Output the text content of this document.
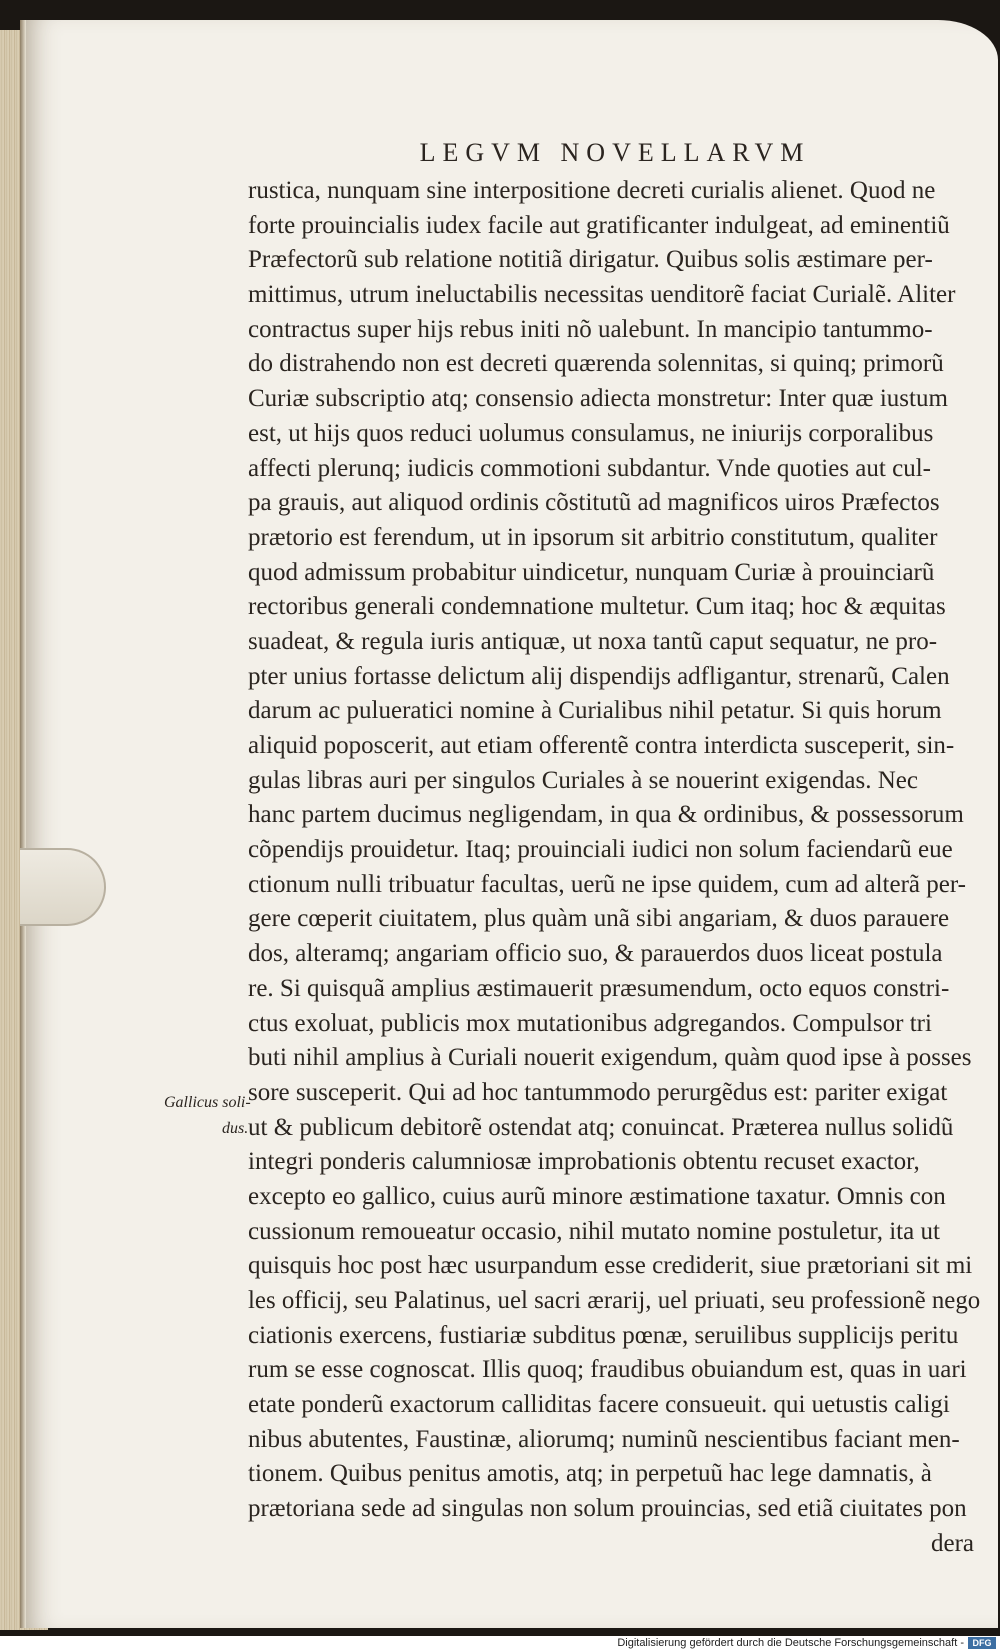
LEGVM NOVELLARVM
rustica, nunquam sine interpositione decreti curialis alienet. Quod ne
forte prouincialis iudex facile aut gratificanter indulgeat, ad eminentiũ
Præfectorũ sub relatione notitiã dirigatur. Quibus solis æstimare per-
mittimus, utrum ineluctabilis necessitas uenditorẽ faciat Curialẽ. Aliter
contractus super hijs rebus initi nõ ualebunt. In mancipio tantummo-
do distrahendo non est decreti quærenda solennitas, si quinq; primorũ
Curiæ subscriptio atq; consensio adiecta monstretur: Inter quæ iustum
est, ut hijs quos reduci uolumus consulamus, ne iniurijs corporalibus
affecti plerunq; iudicis commotioni subdantur. Vnde quoties aut cul-
pa grauis, aut aliquod ordinis cõstitutũ ad magnificos uiros Præfectos
prætorio est ferendum, ut in ipsorum sit arbitrio constitutum, qualiter
quod admissum probabitur uindicetur, nunquam Curiæ à prouinciarũ
rectoribus generali condemnatione multetur. Cum itaq; hoc & æquitas
suadeat, & regula iuris antiquæ, ut noxa tantũ caput sequatur, ne pro-
pter unius fortasse delictum alij dispendijs adfligantur, strenarũ, Calen
darum ac pulueratici nomine à Curialibus nihil petatur. Si quis horum
aliquid poposcerit, aut etiam offerentẽ contra interdicta susceperit, sin-
gulas libras auri per singulos Curiales à se nouerint exigendas. Nec
hanc partem ducimus negligendam, in qua & ordinibus, & possessorum
cõpendijs prouidetur. Itaq; prouinciali iudici non solum faciendarũ eue
ctionum nulli tribuatur facultas, uerũ ne ipse quidem, cum ad alterã per-
gere cœperit ciuitatem, plus quàm unã sibi angariam, & duos parauere
dos, alteramq; angariam officio suo, & parauerdos duos liceat postula
re. Si quisquã amplius æstimauerit præsumendum, octo equos constri-
ctus exoluat, publicis mox mutationibus adgregandos. Compulsor tri
buti nihil amplius à Curiali nouerit exigendum, quàm quod ipse à posses
sore susceperit. Qui ad hoc tantummodo perurgẽdus est: pariter exigat
ut & publicum debitorẽ ostendat atq; conuincat. Præterea nullus solidũ
integri ponderis calumniosæ improbationis obtentu recuset exactor,
excepto eo gallico, cuius aurũ minore æstimatione taxatur. Omnis con
cussionum remoueatur occasio, nihil mutato nomine postuletur, ita ut
quisquis hoc post hæc usurpandum esse crediderit, siue prætoriani sit mi
les officij, seu Palatinus, uel sacri ærarij, uel priuati, seu professionẽ nego
ciationis exercens, fustiariæ subditus pœnæ, seruilibus supplicijs peritu
rum se esse cognoscat. Illis quoq; fraudibus obuiandum est, quas in uari
etate ponderũ exactorum calliditas facere consueuit. qui uetustis caligi
nibus abutentes, Faustinæ, aliorumq; numinũ nescientibus faciant men-
tionem. Quibus penitus amotis, atq; in perpetuũ hac lege damnatis, à
prætoriana sede ad singulas non solum prouincias, sed etiã ciuitates pon
dera
Gallicus soli-
dus.
Digitalisierung gefördert durch die Deutsche Forschungsgemeinschaft - DFG
